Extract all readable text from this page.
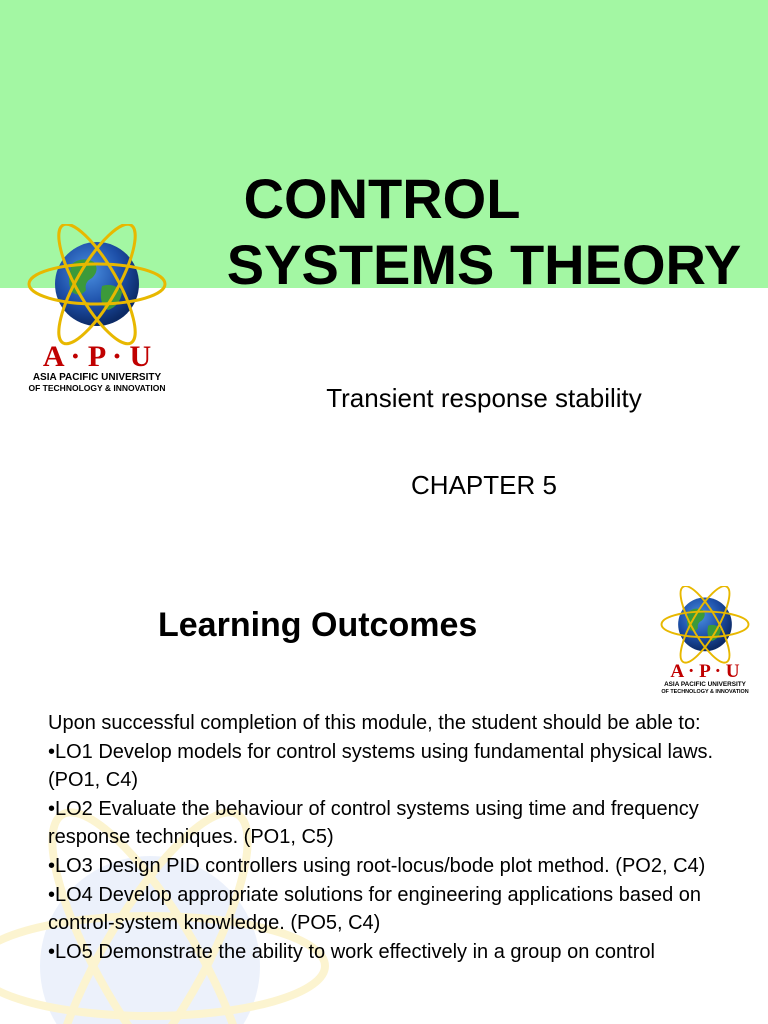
CONTROL
SYSTEMS THEORY
A · P · U
ASIA PACIFIC UNIVERSITY
OF TECHNOLOGY & INNOVATION	Transient response stability
CHAPTER 5
Learning Outcomes
A · P · U
ASIA PACIFIC UNIVERSITY
OF TECHNOLOGY & INNOVATION

Upon successful completion of this module, the student should be able to:

•LO1 Develop models for control systems using fundamental physical laws. (PO1, C4)

•LO2 Evaluate the behaviour of control systems using time and frequency response techniques. (PO1, C5)

•LO3 Design PID controllers using root-locus/bode plot method. (PO2, C4)

•LO4 Develop appropriate solutions for engineering applications based on control-system knowledge. (PO5, C4)

•LO5 Demonstrate the ability to work effectively in a group on control
